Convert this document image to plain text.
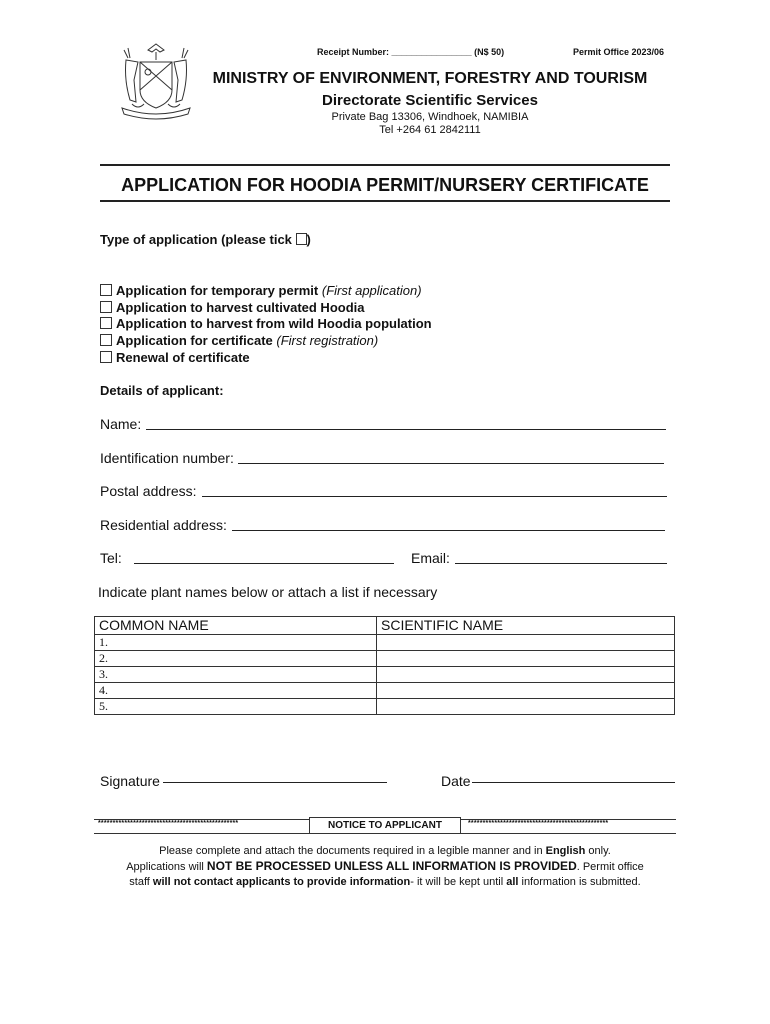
Receipt Number: ________________ (N$ 50)	Permit Office 2023/06
MINISTRY OF ENVIRONMENT, FORESTRY AND TOURISM
Directorate Scientific Services
Private Bag 13306, Windhoek, NAMIBIA
Tel +264 61 2842111
APPLICATION FOR HOODIA PERMIT/NURSERY CERTIFICATE
Type of application (please tick )
Application for temporary permit (First application)
Application to harvest cultivated Hoodia
Application to harvest from wild Hoodia population
Application for certificate (First registration)
Renewal of certificate
Details of applicant:
Name:
Identification number:
Postal address:
Residential address:
Tel:	Email:
Indicate plant names below or attach a list if necessary
COMMON NAME	SCIENTIFIC NAME
1.	
2.	
3.	
4.	
5.	
Signature	Date
************************************************	************************************************
NOTICE TO APPLICANT
Please complete and attach the documents required in a legible manner and in English only.
Applications will NOT BE PROCESSED UNLESS ALL INFORMATION IS PROVIDED. Permit office
staff will not contact applicants to provide information- it will be kept until all information is submitted.
